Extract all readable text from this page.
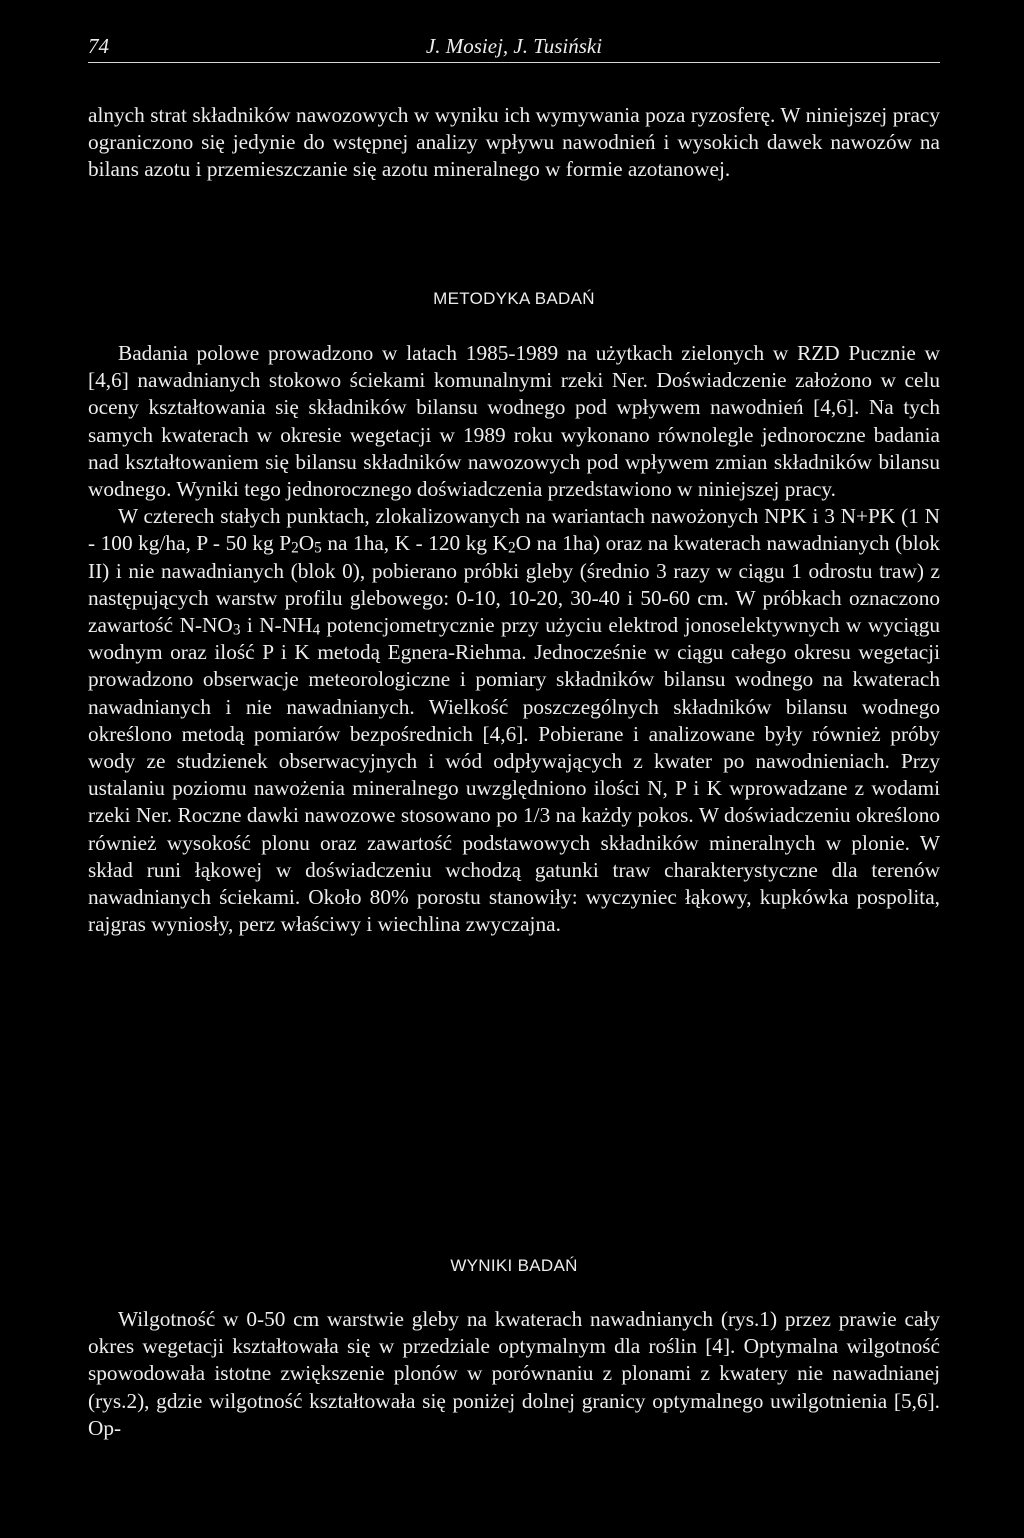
74	J. Mosiej, J. Tusiński

alnych strat składników nawozowych w wyniku ich wymywania poza ryzosferę. W niniejszej pracy ograniczono się jedynie do wstępnej analizy wpływu nawodnień i wysokich dawek nawozów na bilans azotu i przemieszczanie się azotu mineralnego w formie azotanowej.

METODYKA BADAŃ

Badania polowe prowadzono w latach 1985-1989 na użytkach zielonych w RZD Pucznie w [4,6] nawadnianych stokowo ściekami komunalnymi rzeki Ner. Doświadczenie założono w celu oceny kształtowania się składników bilansu wodnego pod wpływem nawodnień [4,6]. Na tych samych kwaterach w okresie wegetacji w 1989 roku wykonano równolegle jednoroczne badania nad kształtowaniem się bilansu składników nawozowych pod wpływem zmian składników bilansu wodnego. Wyniki tego jednorocznego doświadczenia przedstawiono w niniejszej pracy.

W czterech stałych punktach, zlokalizowanych na wariantach nawożonych NPK i 3 N+PK (1 N - 100 kg/ha, P - 50 kg $P_2O_5$ na 1ha, K - 120 kg $K_2O$ na 1ha) oraz na kwaterach nawadnianych (blok II) i nie nawadnianych (blok 0), pobierano próbki gleby (średnio 3 razy w ciągu 1 odrostu traw) z następujących warstw profilu glebowego: 0-10, 10-20, 30-40 i 50-60 cm. W próbkach oznaczono zawartość $N-NO_3$ i $N-NH_4$ potencjometrycznie przy użyciu elektrod jonoselektywnych w wyciągu wodnym oraz ilość P i K metodą Egnera-Riehma. Jednocześnie w ciągu całego okresu wegetacji prowadzono obserwacje meteorologiczne i pomiary składników bilansu wodnego na kwaterach nawadnianych i nie nawadnianych. Wielkość poszczególnych składników bilansu wodnego określono metodą pomiarów bezpośrednich [4,6]. Pobierane i analizowane były również próby wody ze studzienek obserwacyjnych i wód odpływających z kwater po nawodnieniach. Przy ustalaniu poziomu nawożenia mineralnego uwzględniono ilości N, P i K wprowadzane z wodami rzeki Ner. Roczne dawki nawozowe stosowano po 1/3 na każdy pokos. W doświadczeniu określono również wysokość plonu oraz zawartość podstawowych składników mineralnych w plonie. W skład runi łąkowej w doświadczeniu wchodzą gatunki traw charakterystyczne dla terenów nawadnianych ściekami. Około 80% porostu stanowiły: wyczyniec łąkowy, kupkówka pospolita, rajgras wyniosły, perz właściwy i wiechlina zwyczajna.

WYNIKI BADAŃ

Wilgotność w 0-50 cm warstwie gleby na kwaterach nawadnianych (rys.1) przez prawie cały okres wegetacji kształtowała się w przedziale optymalnym dla roślin [4]. Optymalna wilgotność spowodowała istotne zwiększenie plonów w porównaniu z plonami z kwatery nie nawadnianej (rys.2), gdzie wilgotność kształtowała się poniżej dolnej granicy optymalnego uwilgotnienia [5,6]. Op-
